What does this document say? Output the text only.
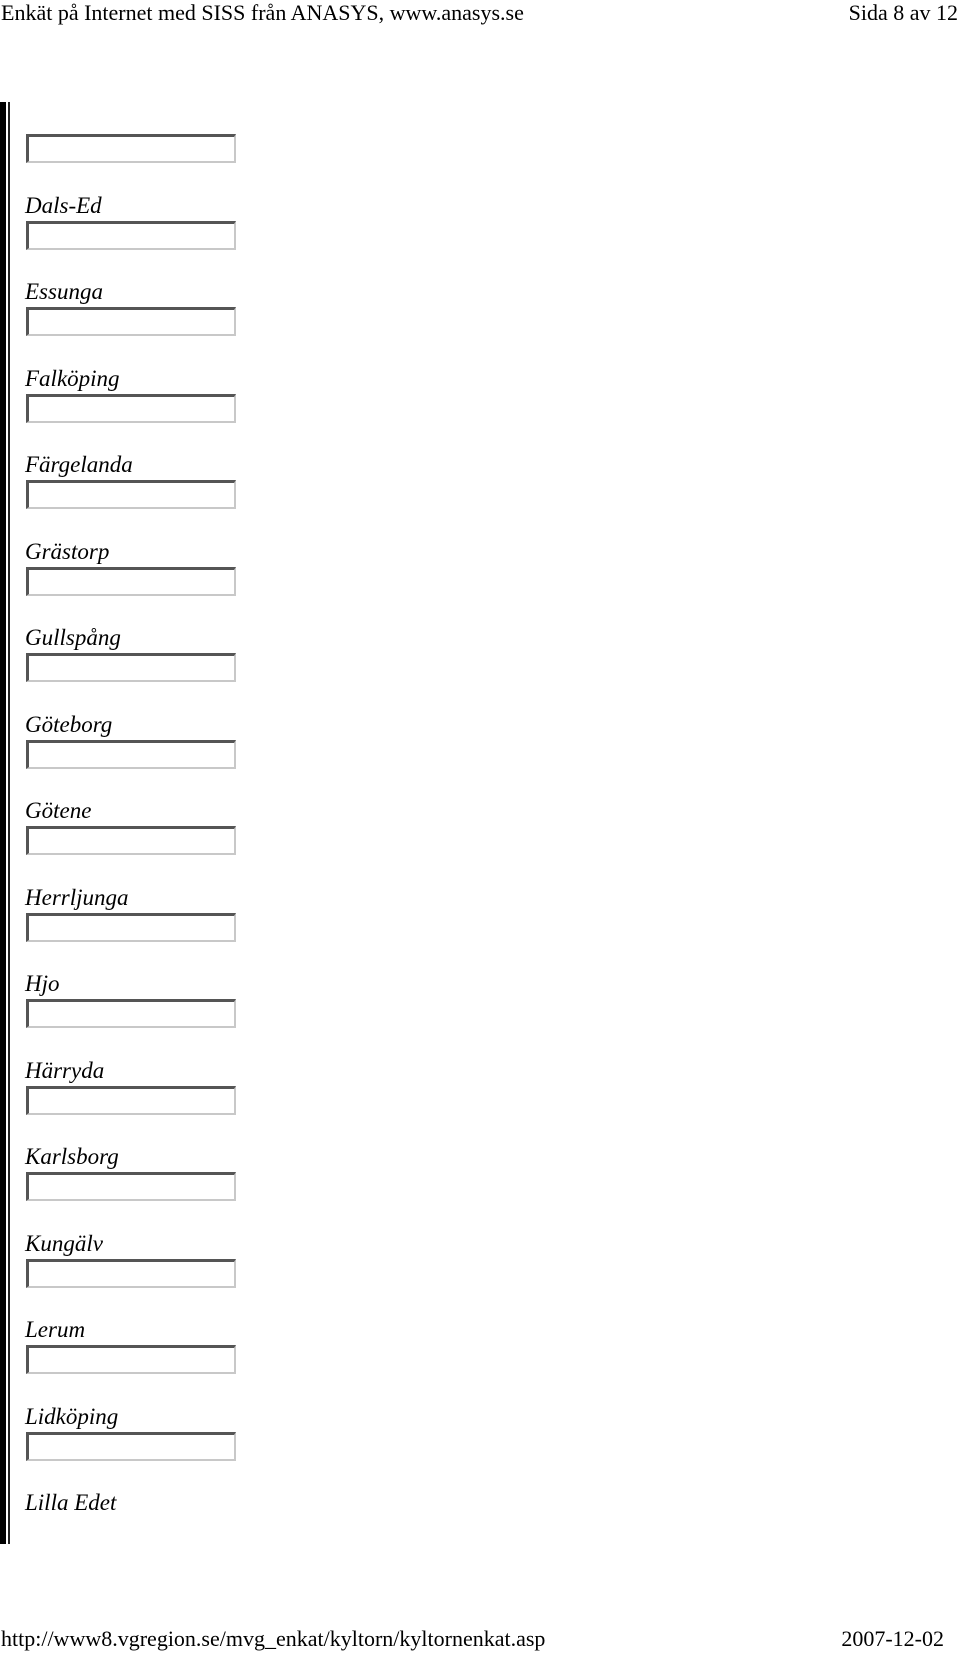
Enkät på Internet med SISS från ANASYS, www.anasys.se	Sida 8 av 12
Dals-Ed
Essunga
Falköping
Färgelanda
Grästorp
Gullspång
Göteborg
Götene
Herrljunga
Hjo
Härryda
Karlsborg
Kungälv
Lerum
Lidköping
Lilla Edet
http://www8.vgregion.se/mvg_enkat/kyltorn/kyltornenkat.asp	2007-12-02
